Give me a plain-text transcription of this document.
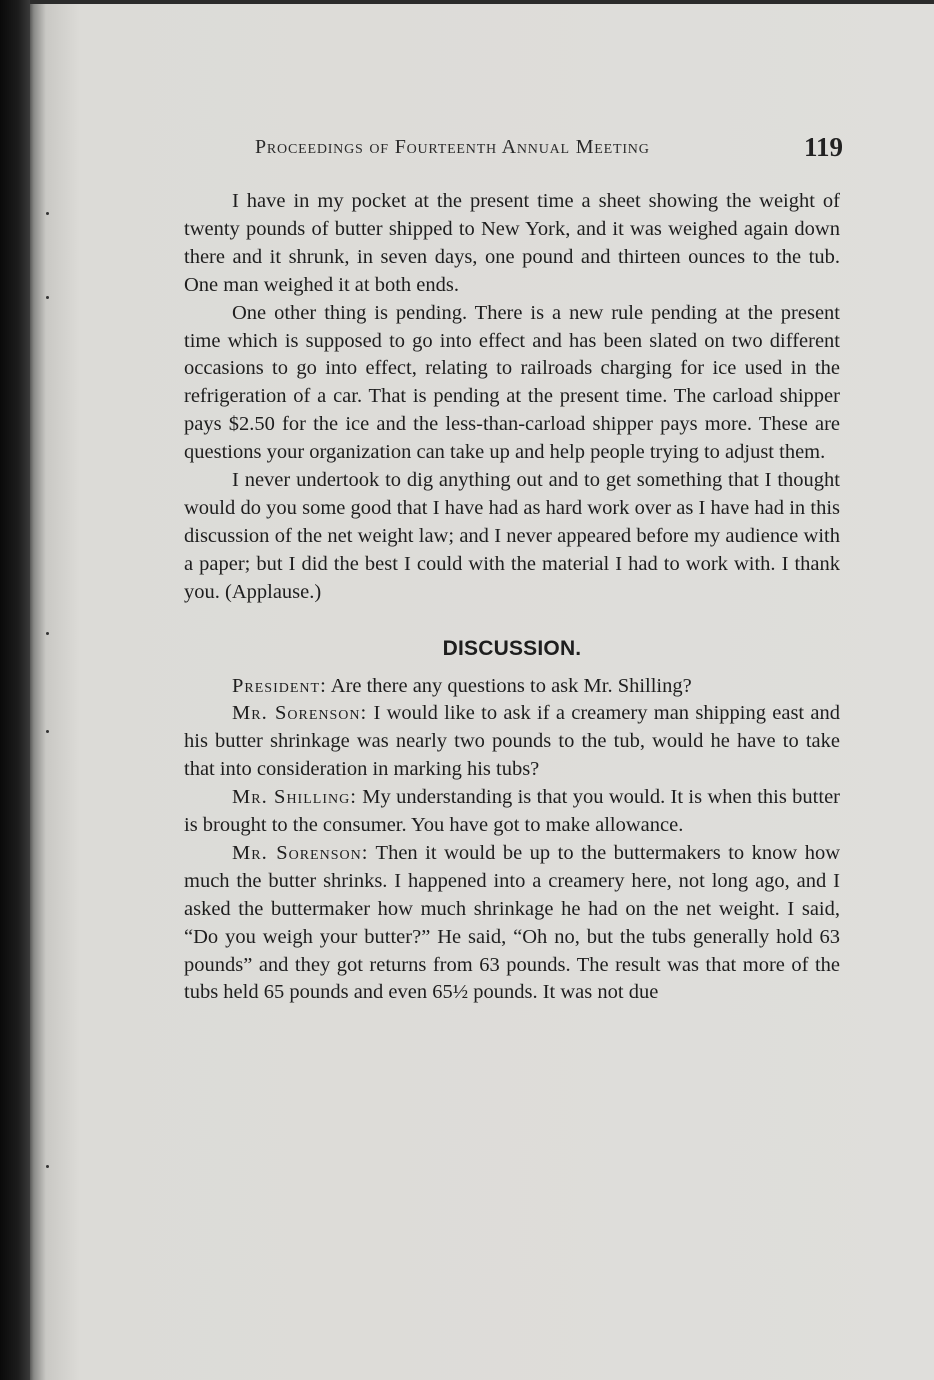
Proceedings of Fourteenth Annual Meeting	119

I have in my pocket at the present time a sheet showing the weight of twenty pounds of butter shipped to New York, and it was weighed again down there and it shrunk, in seven days, one pound and thirteen ounces to the tub. One man weighed it at both ends.

One other thing is pending. There is a new rule pending at the present time which is supposed to go into effect and has been slated on two different occasions to go into effect, relating to railroads charging for ice used in the refrigeration of a car. That is pending at the present time. The carload shipper pays $2.50 for the ice and the less-than-carload shipper pays more. These are questions your organization can take up and help people trying to adjust them.

I never undertook to dig anything out and to get something that I thought would do you some good that I have had as hard work over as I have had in this discussion of the net weight law; and I never appeared before my audience with a paper; but I did the best I could with the material I had to work with. I thank you. (Applause.)

DISCUSSION.

President: Are there any questions to ask Mr. Shilling?

Mr. Sorenson: I would like to ask if a creamery man shipping east and his butter shrinkage was nearly two pounds to the tub, would he have to take that into consideration in marking his tubs?

Mr. Shilling: My understanding is that you would. It is when this butter is brought to the consumer. You have got to make allowance.

Mr. Sorenson: Then it would be up to the buttermakers to know how much the butter shrinks. I happened into a creamery here, not long ago, and I asked the buttermaker how much shrinkage he had on the net weight. I said, “Do you weigh your butter?” He said, “Oh no, but the tubs generally hold 63 pounds” and they got returns from 63 pounds. The result was that more of the tubs held 65 pounds and even 65½ pounds. It was not due
